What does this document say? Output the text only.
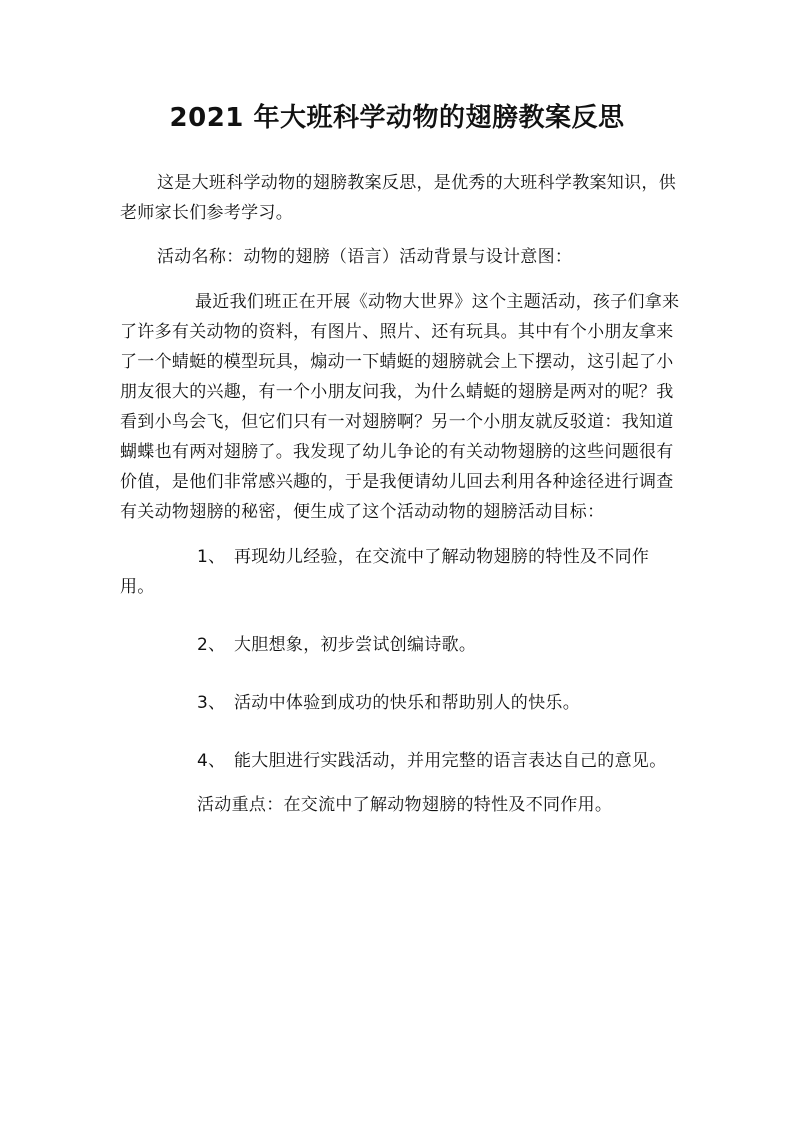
2021 年大班科学动物的翅膀教案反思

这是大班科学动物的翅膀教案反思，是优秀的大班科学教案知识，供老师家长们参考学习。

活动名称：动物的翅膀（语言）活动背景与设计意图：

最近我们班正在开展《动物大世界》这个主题活动，孩子们拿来了许多有关动物的资料，有图片、照片、还有玩具。其中有个小朋友拿来了一个蜻蜓的模型玩具，煽动一下蜻蜓的翅膀就会上下摆动，这引起了小朋友很大的兴趣，有一个小朋友问我，为什么蜻蜓的翅膀是两对的呢？我看到小鸟会飞，但它们只有一对翅膀啊？另一个小朋友就反驳道：我知道蝴蝶也有两对翅膀了。我发现了幼儿争论的有关动物翅膀的这些问题很有价值，是他们非常感兴趣的，于是我便请幼儿回去利用各种途径进行调查有关动物翅膀的秘密，便生成了这个活动动物的翅膀活动目标：

1、 再现幼儿经验，在交流中了解动物翅膀的特性及不同作用。

2、 大胆想象，初步尝试创编诗歌。

3、 活动中体验到成功的快乐和帮助别人的快乐。

4、 能大胆进行实践活动，并用完整的语言表达自己的意见。

活动重点：在交流中了解动物翅膀的特性及不同作用。
